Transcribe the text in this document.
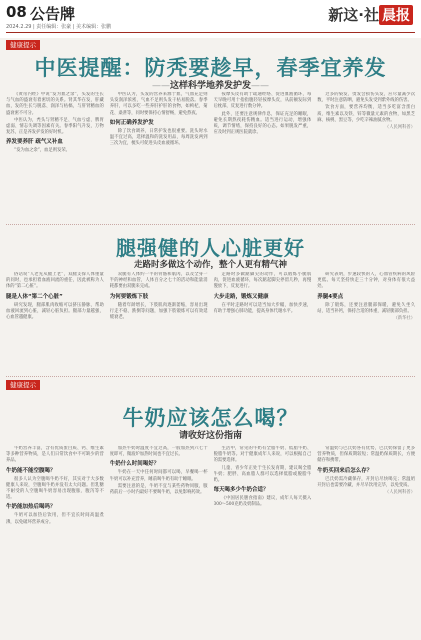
08 公告牌
2024.2.29 | 责任编辑：张豪 | 美术编辑：张鹏
新这·社 晨报
健康提示
中医提醒：防秃要趁早，春季宜养发
——这样科学地养发护发——

《黄帝内经》中说“发为血之余”，头发的生长与气血的盛衰有着密切的关系。肾其华在发，肝藏血，发的生长与脱落、润泽与枯槁，与肝肾精血的盛衰密不可分。

中医认为，秃头与肾精不足、气血亏虚、脾胃虚弱、情志失调等因素有关。春季阳气升发，万物复苏，正是养发护发的好时机。

养发要养肝 疏气又补血

“发为血之余”，血足则发荣。

中医认为，头发的营养来源于血，气血充足则头发润泽浓密，气血不足则头发干枯易脱落。春季养肝，可以多吃一些养肝护肝的食物，如枸杞、菊花、桑葚等，同时要保持心情舒畅，避免熬夜。

如何正确养发护发

除了饮食调养，日常护发也很重要。洗头时水温不宜过高，选择温和的洗发用品，每周洗发两到三次为宜，梳头可促进头皮血液循环。

按摩头皮有助于疏通经络、促进血液循环，每天早晚可用十指指腹轻轻按摩头皮，从前额发际到后枕部，反复进行数分钟。

此外，还要注意规律作息，保证充足的睡眠，避免长期熬夜耗伤精血。适当进行运动，增强体质，调节情绪，保持良好的心态。如果脱发严重，应及时到正规医院就诊。

过多的染发、烫发会损伤头发，应尽量减少次数，平时注意防晒，避免头发受到紫外线的伤害。

饮食方面，要营养均衡，适当多吃富含蛋白质、维生素以及铁、锌等微量元素的食物，如黑芝麻、核桃、黑豆等，少吃辛辣油腻食物。

（人民网科普）

腿强健的人心脏更好
走路时多做这个动作，整个人更有精气神

俗话说“人老先从腿上老”，双腿支撑人体重量的同时，也承担着血液回流的重任，因此被称为人体的“第二心脏”。

腿是人体“第二个心脏”

研究发现，腿部肌肉收缩可以挤压静脉，帮助血液回流到心脏，减轻心脏负担。腿部力量越强，心血管越健康。

双腿有人体约一半的骨骼和肌肉，以及全身一半的神经和血管，人体百分之七十的活动和能量消耗都要由双腿来完成。

为何要锻炼下肢

随着年龄增长，下肢肌肉逐渐萎缩，容易出现行走不稳、跌倒等问题，加强下肢锻炼可以有效延缓衰老。

走路时多做踮脚尖的动作，可以锻炼小腿肌肉，促进血液循环，每次踮起脚尖停留几秒，再慢慢放下，反复进行。

大步走路，锻炼又健康

在平时走路时可以适当加大步幅，加快步速，有助于增强心肺功能，提高身体代谢水平。

研究表明，步速较快的人，心血管疾病的风险更低。每天坚持快走三十分钟，对身体有很大益处。

养腿4要点

除了锻炼，还要注意腿部保暖，避免久坐久站，适当补钙，保持合适的体重，减轻腿部负担。

（新华社）

健康提示
牛奶应该怎么喝？
请收好这份指南

牛奶营养丰富，含有优质蛋白质、钙、维生素等多种营养物质，是人们日常饮食中不可缺少的营养品。

牛奶能不能空腹喝？

很多人认为空腹喝牛奶不好，其实对于大多数健康人来说，空腹喝牛奶并没有太大问题。但乳糖不耐受的人空腹喝牛奶容易出现腹胀、腹泻等不适。

牛奶能加热后喝吗？

牛奶可以加热后饮用，但不宜长时间高温煮沸，以免破坏营养成分。

加热牛奶时温度不宜过高，一般加热到六七十度即可，微波炉加热时间也不宜过长。

牛奶什么时间喝好？

牛奶在一天中任何时间都可以喝，早餐喝一杯牛奶可以补充营养，睡前喝牛奶有助于睡眠。

需要注意的是，牛奶不宜与某些药物同服，服药前后一小时内最好不要喝牛奶，以免影响药效。

生活中，常见的牛奶有全脂牛奶、低脂牛奶、脱脂牛奶等。对于健康成年人来说，可以根据自己的需要选择。

儿童、青少年正处于生长发育期，建议喝全脂牛奶；肥胖、高血脂人群可以选择低脂或脱脂牛奶。

每天喝多少牛奶合适？

《中国居民膳食指南》建议，成年人每天摄入300～500克奶及奶制品。

常温奶与巴氏奶各有优势，巴氏奶保留了更多营养物质，但保质期较短；常温奶保质期长，方便储存和携带。

牛奶买回来后怎么存？

巴氏奶需冷藏保存，开封后尽快喝完；常温奶开封后也需要冷藏，并尽早饮用完毕，以免变质。

（人民网科普）
